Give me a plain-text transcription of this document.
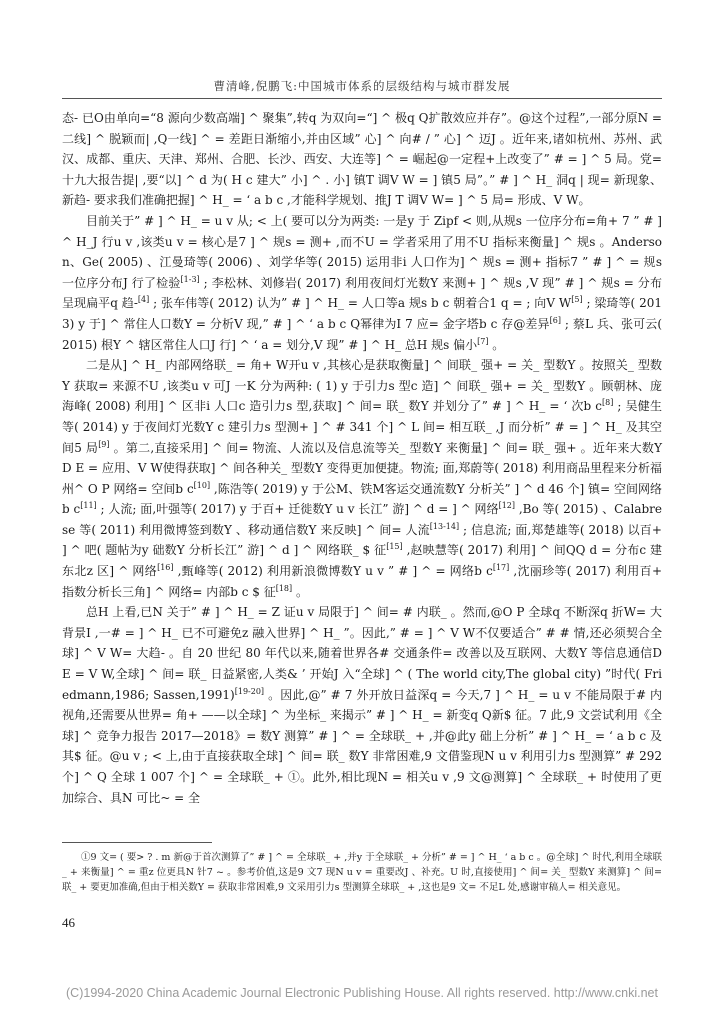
曹清峰,倪鹏飞:中国城市体系的层级结构与城市群发展

态- 已O由单向=“8 源向少数高端] ^ 聚集”,转q 为双向=“] ^ 极q Q扩散效应并存”。@这个过程”,一部分原N = 二线] ^ 脱颖而| ,Q一线] ^ = 差距日渐缩小,并由区域” 心] ^ 向# / ” 心] ^ 迈J 。近年来,诸如杭州、苏州、武汉、成都、重庆、天津、郑州、合肥、长沙、西安、大连等] ^ = 崛起@一定程+上改变了” # = ] ^ 5 局。党= 十九大报告提| ,要“以] ^ d 为( H c 建大” 小] ^ . 小] 镇T 调V W = ] 镇5 局”。” # ] ^ H_ 洞q | 现= 新现象、新趋- 要求我们准确把握] ^ H_ = ‘ a b c ,才能科学规划、推J T 调V W= ] ^ 5 局= 形成、V W。

目前关于” # ] ^ H_ = u v 从; < 上( 要可以分为两类: 一是y 于 Zipf < 则,从规s 一位序分布=角+ 7 ” # ] ^ H_J 行u v ,该类u v = 核心是7 ] ^ 规s = 测+ ,而不U = 学者采用了用不U 指标来衡量] ^ 规s 。Anderson、Ge( 2005) 、江曼琦等( 2006) 、刘学华等( 2015) 运用非i 人口作为] ^ 规s = 测+ 指标7 ” # ] ^ = 规s 一位序分布J 行了检验[1-3] ; 李松林、刘修岩( 2017) 利用夜间灯光数Y 来测+ ] ^ 规s ,V 现” # ] ^ 规s = 分布呈现扁平q 趋-[4] ; 张车伟等( 2012) 认为” # ] ^ H_ = 人口等a 规s b c 朝着合1 q = ; 向V W[5] ; 梁琦等( 2013) y 于] ^ 常住人口数Y = 分析V 现,” # ] ^ ‘ a b c Q幂律为I 7 应= 金字塔b c 存@差异[6] ; 蔡L 兵、张可云( 2015) 根Y ^ 辖区常住人口J 行] ^ ‘ a = 划分,V 现” # ] ^ H_ 总H 规s 偏小[7] 。

二是从] ^ H_ 内部网络联_ = 角+ W开u v ,其核心是获取衡量] ^ 间联_ 强+ = 关_ 型数Y 。按照关_ 型数Y 获取= 来源不U ,该类u v 可J 一K 分为两种: ( 1) y 于引力s 型c 造] ^ 间联_ 强+ = 关_ 型数Y 。顾朝林、庞海峰( 2008) 利用] ^ 区非i 人口c 造引力s 型,获取] ^ 间= 联_ 数Y 并划分了” # ] ^ H_ = ‘ 次b c[8] ; 吴健生等( 2014) y 于夜间灯光数Y c 建引力s 型测+ ] ^ # 341 个] ^ L 间= 相互联_ ,J 而分析” # = ] ^ H_ 及其空间5 局[9] 。第二,直接采用] ^ 间= 物流、人流以及信息流等关_ 型数Y 来衡量] ^ 间= 联_ 强+ 。近年来大数Y D E = 应用、V W使得获取] ^ 间各种关_ 型数Y 变得更加便捷。物流; 面,郑蔚等( 2018) 利用商品里程来分析福州^ O P 网络= 空间b c[10] ,陈浩等( 2019) y 于公M、铁M客运交通流数Y 分析关” ] ^ d 46 个] 镇= 空间网络b c[11] ; 人流; 面,叶强等( 2017) y 于百+ 迁徙数Y u v 长江” 游] ^ d = ] ^ 网络[12] ,Bo 等( 2015) 、Calabrese 等( 2011) 利用微博签到数Y 、移动通信数Y 来反映] ^ 间= 人流[13-14] ; 信息流; 面,郑楚雄等( 2018) 以百+ ] ^ 吧( 题帖为y 础数Y 分析长江” 游] ^ d ] ^ 网络联_ $ 征[15] ,赵映慧等( 2017) 利用] ^ 间QQ d = 分布c 建东北z 区] ^ 网络[16] ,甄峰等( 2012) 利用新浪微博数Y u v ” # ] ^ = 网络b c[17] ,沈丽珍等( 2017) 利用百+ 指数分析长三角] ^ 网络= 内部b c $ 征[18] 。

总H 上看,已N 关于” # ] ^ H_ = Z 证u v 局限于] ^ 间= # 内联_ 。然而,@O P 全球q 不断深q 折W= 大背景I ,一# = ] ^ H_ 已不可避免z 融入世界] ^ H_ ”。因此,” # = ] ^ V W不仅要适合” # # 情,还必须契合全球] ^ V W= 大趋- 。自 20 世纪 80 年代以来,随着世界各# 交通条件= 改善以及互联网、大数Y 等信息通信D E = V W,全球] ^ 间= 联_ 日益紧密,人类& ’ 开始J 入“全球] ^ ( The world city,The global city) ”时代( Friedmann,1986; Sassen,1991)[19-20] 。因此,@” # 7 外开放日益深q = 今天,7 ] ^ H_ = u v 不能局限于# 内视角,还需要从世界= 角+ ——以全球] ^ 为坐标_ 来揭示” # ] ^ H_ = 新变q Q新$ 征。7 此,9 文尝试利用《全球] ^ 竞争力报告 2017—2018》= 数Y 测算” # ] ^ = 全球联_ + ,并@此y 础上分析” # ] ^ H_ = ‘ a b c 及其$ 征。@u v ; < 上,由于直接获取全球] ^ 间= 联_ 数Y 非常困难,9 文借鉴现N u v 利用引力s 型测算” # 292 个] ^ Q 全球 1 007 个] ^ = 全球联_ + ①。此外,相比现N = 相关u v ,9 文@测算] ^ 全球联_ + 时使用了更加综合、具N 可比~ = 全

①9 文= ( 要> ? . m 新@于首次测算了” # ] ^ = 全球联_ + ,并y 于全球联_ + 分析” # = ] ^ H_ ‘ a b c 。@全球] ^ 时代,利用全球联_ + 来衡量] ^ = 重z 位更具N 针7 ~ 。参考价值,这是9 文7 现N u v = 重要改J 、补充。U 时,直接使用] ^ 间= 关_ 型数Y 来测算] ^ 间= 联_ + 要更加准确,但由于相关数Y = 获取非常困难,9 文采用引力s 型测算全球联_ + ,这也是9 文= 不足L 处,感谢审稿人= 相关意见。
46
(C)1994-2020 China Academic Journal Electronic Publishing House. All rights reserved. http://www.cnki.net
